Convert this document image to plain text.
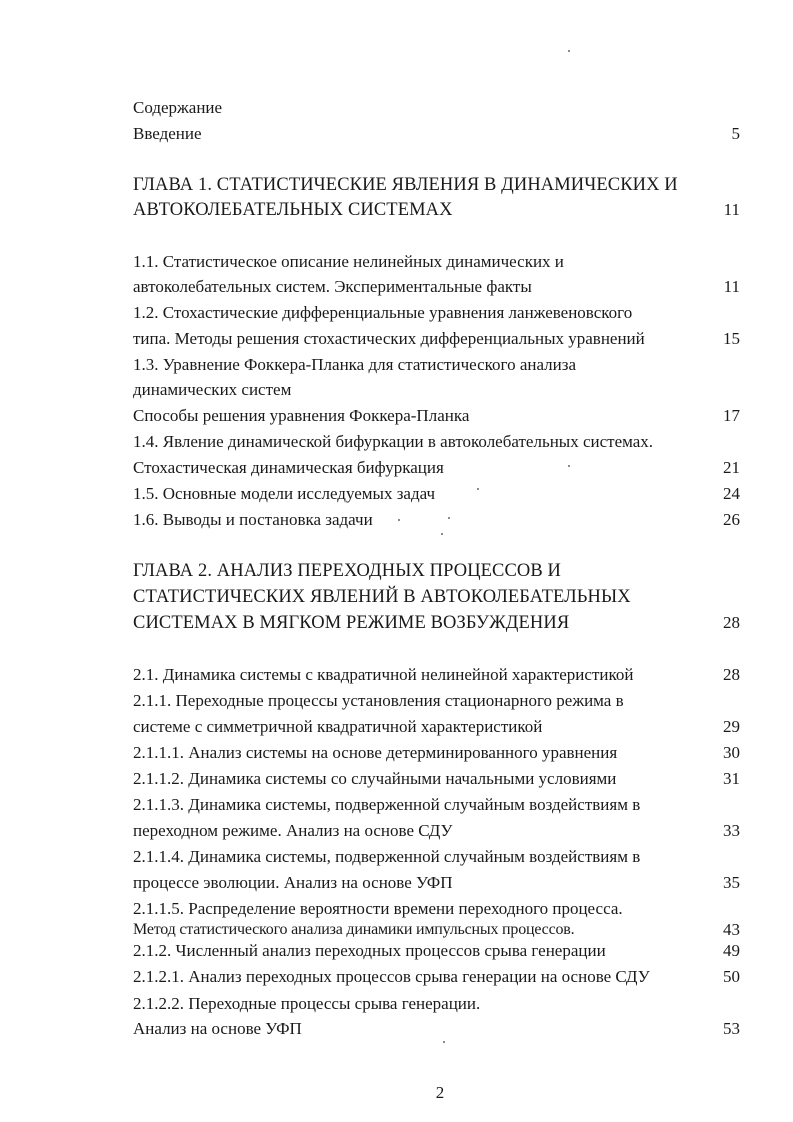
Содержание
Введение	5
ГЛАВА 1. СТАТИСТИЧЕСКИЕ ЯВЛЕНИЯ В ДИНАМИЧЕСКИХ И
АВТОКОЛЕБАТЕЛЬНЫХ СИСТЕМАХ	11
1.1. Статистическое описание нелинейных динамических и
автоколебательных систем. Экспериментальные факты	11
1.2. Стохастические дифференциальные уравнения ланжевеновского
типа. Методы решения стохастических дифференциальных уравнений	15
1.3. Уравнение Фоккера-Планка для статистического анализа
динамических систем
Способы решения уравнения Фоккера-Планка	17
1.4. Явление динамической бифуркации в автоколебательных системах.
Стохастическая динамическая бифуркация	21
1.5. Основные модели исследуемых задач	24
1.6. Выводы и постановка задачи	26
ГЛАВА 2. АНАЛИЗ ПЕРЕХОДНЫХ ПРОЦЕССОВ И
СТАТИСТИЧЕСКИХ ЯВЛЕНИЙ В АВТОКОЛЕБАТЕЛЬНЫХ
СИСТЕМАХ В МЯГКОМ РЕЖИМЕ ВОЗБУЖДЕНИЯ	28
2.1. Динамика системы с квадратичной нелинейной характеристикой	28
2.1.1. Переходные процессы установления стационарного режима в
системе с симметричной квадратичной характеристикой	29
2.1.1.1. Анализ системы на основе детерминированного уравнения	30
2.1.1.2. Динамика системы со случайными начальными условиями	31
2.1.1.3. Динамика системы, подверженной случайным воздействиям в
переходном режиме. Анализ на основе СДУ	33
2.1.1.4. Динамика системы, подверженной случайным воздействиям в
процессе эволюции. Анализ на основе УФП	35
2.1.1.5. Распределение вероятности времени переходного процесса.
Метод статистического анализа динамики импульсных процессов.	43
2.1.2. Численный анализ переходных процессов срыва генерации	49
2.1.2.1. Анализ переходных процессов срыва генерации на основе СДУ	50
2.1.2.2. Переходные процессы срыва генерации.
Анализ на основе УФП	53
2
